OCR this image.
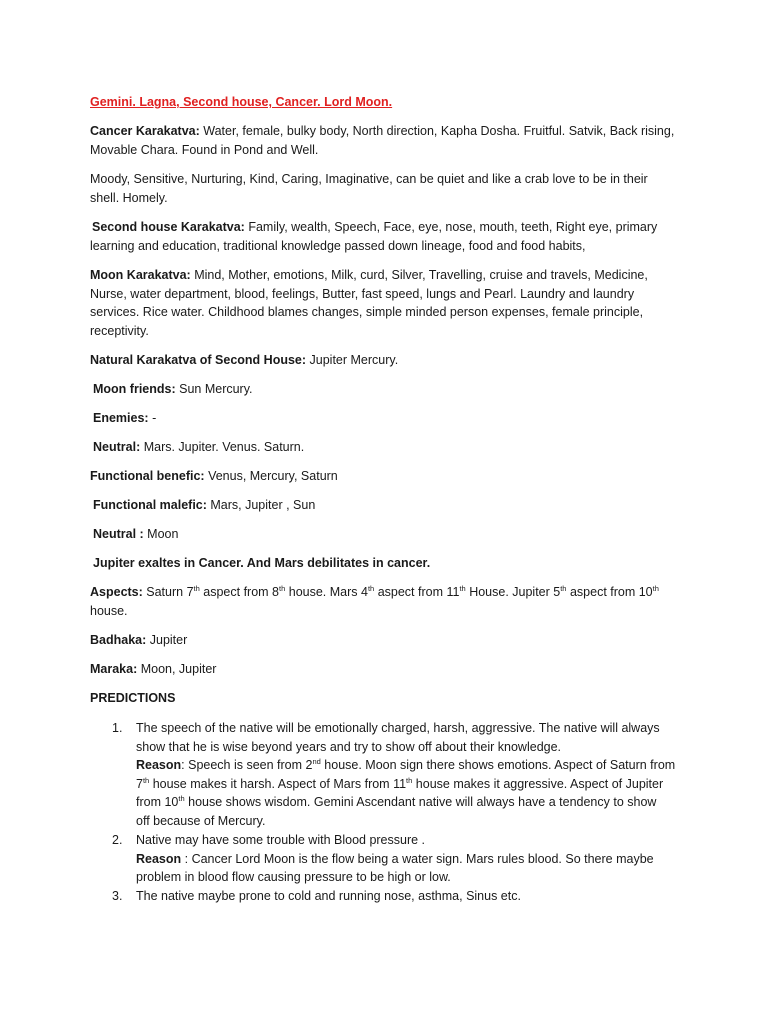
Gemini. Lagna, Second house, Cancer. Lord Moon.

Cancer Karakatva: Water, female, bulky body, North direction, Kapha Dosha. Fruitful. Satvik, Back rising,

Movable Chara. Found in Pond and Well.

Moody, Sensitive, Nurturing, Kind, Caring, Imaginative, can be quiet and like a crab love to be in their

shell. Homely.

Second house Karakatva: Family, wealth, Speech, Face, eye, nose, mouth, teeth, Right eye, primary

learning and education, traditional knowledge passed down lineage, food and food habits,

Moon Karakatva: Mind, Mother, emotions, Milk, curd, Silver, Travelling, cruise and travels, Medicine,

Nurse, water department, blood, feelings, Butter, fast speed, lungs and Pearl. Laundry and laundry

services. Rice water. Childhood blames changes, simple minded person expenses, female principle,

receptivity.

Natural Karakatva of Second House: Jupiter Mercury.

Moon friends: Sun Mercury.

Enemies: -

Neutral: Mars. Jupiter. Venus. Saturn.

Functional benefic: Venus, Mercury, Saturn

Functional malefic: Mars, Jupiter , Sun

Neutral : Moon

Jupiter exaltes in Cancer. And Mars debilitates in cancer.

Aspects: Saturn 7th aspect from 8th house. Mars 4th aspect from 11th House. Jupiter 5th aspect from 10th

house.

Badhaka: Jupiter

Maraka: Moon, Jupiter

PREDICTIONS

1. The speech of the native will be emotionally charged, harsh, aggressive. The native will always
show that he is wise beyond years and try to show off about their knowledge.
Reason: Speech is seen from 2nd house. Moon sign there shows emotions. Aspect of Saturn from
7th house makes it harsh. Aspect of Mars from 11th house makes it aggressive. Aspect of Jupiter
from 10th house shows wisdom. Gemini Ascendant native will always have a tendency to show
off because of Mercury.
2. Native may have some trouble with Blood pressure .
Reason : Cancer Lord Moon is the flow being a water sign. Mars rules blood. So there maybe
problem in blood flow causing pressure to be high or low.
3. The native maybe prone to cold and running nose, asthma, Sinus etc.
